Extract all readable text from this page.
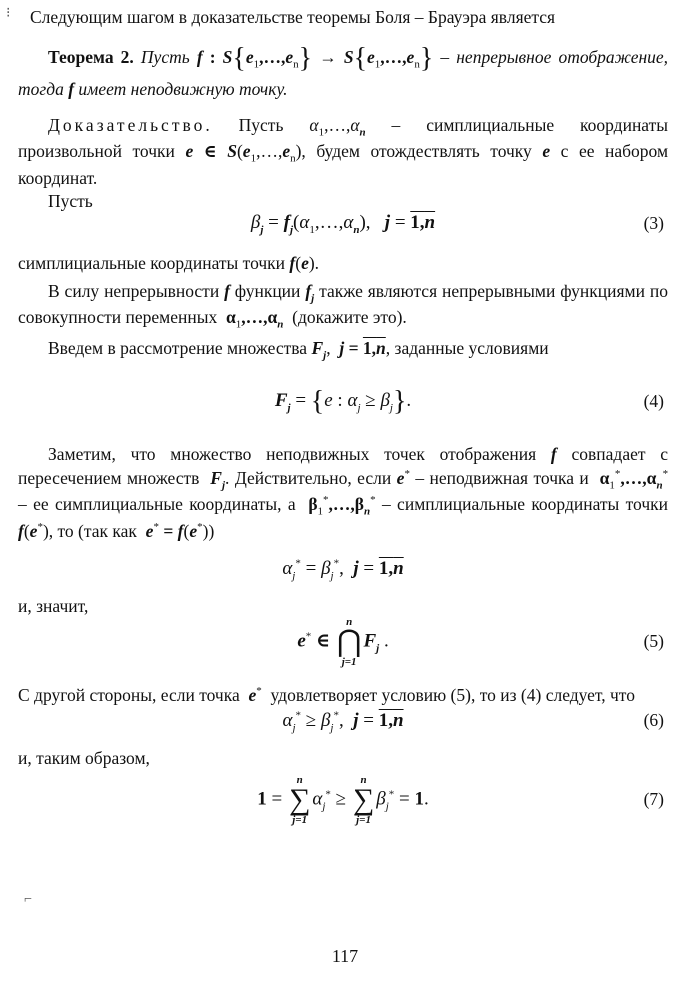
⁝
⌐

Следующим шагом в доказательстве теоремы Боля – Брауэра является

Теорема 2. Пусть f : $S\{e_1,\dots,e_n\}$ → $S\{e_1,\dots,e_n\}$ – непрерывное отображение, тогда f имеет неподвижную точку.

Доказательство. Пусть $\alpha_1,\dots,\alpha_n$ – симплициальные координаты произвольной точки e ∈ $S(e_1,\dots,e_n)$, будем отождествлять точку e с ее набором координат.

Пусть

$\beta_j$ = $f_j(\alpha_1,\dots,\alpha_n)$,   j = 1,n	(3)

симплициальные координаты точки f(e).

В силу непрерывности f функции $f_j$ также являются непрерывными функциями по совокупности переменных $\alpha_1,\dots,\alpha_n$ (докажите это).

Введем в рассмотрение множества $F_j$,  j = 1,n, заданные условиями

$F_j = \{e$ : $\alpha_j \ge \beta_j$}.	(4)

Заметим, что множество неподвижных точек отображения f совпадает с пересечением множеств $F_j$. Действительно, если e* – неподвижная точка и $\alpha_1^*,\dots,\alpha_n^*$ – ее симплициальные координаты, а $\beta_1^*,\dots,\beta_n^*$ – симплициальные координаты точки f(e*), то (так как e* = f(e*))

$\alpha_j^* = \beta_j^*$,  j = 1,n

и, значит,

e* ∈
n
⋂
j=1
$F_j$ .	(5)

С другой стороны, если точка e* удовлетворяет условию (5), то из (4) следует, что

$\alpha_j^* \ge \beta_j^*$,  j = 1,n	(6)

и, таким образом,

1 =
n
∑
j=1
$\alpha_j^*$ ≥
n
∑
j=1
$\beta_j^* = 1$.	(7)
117
